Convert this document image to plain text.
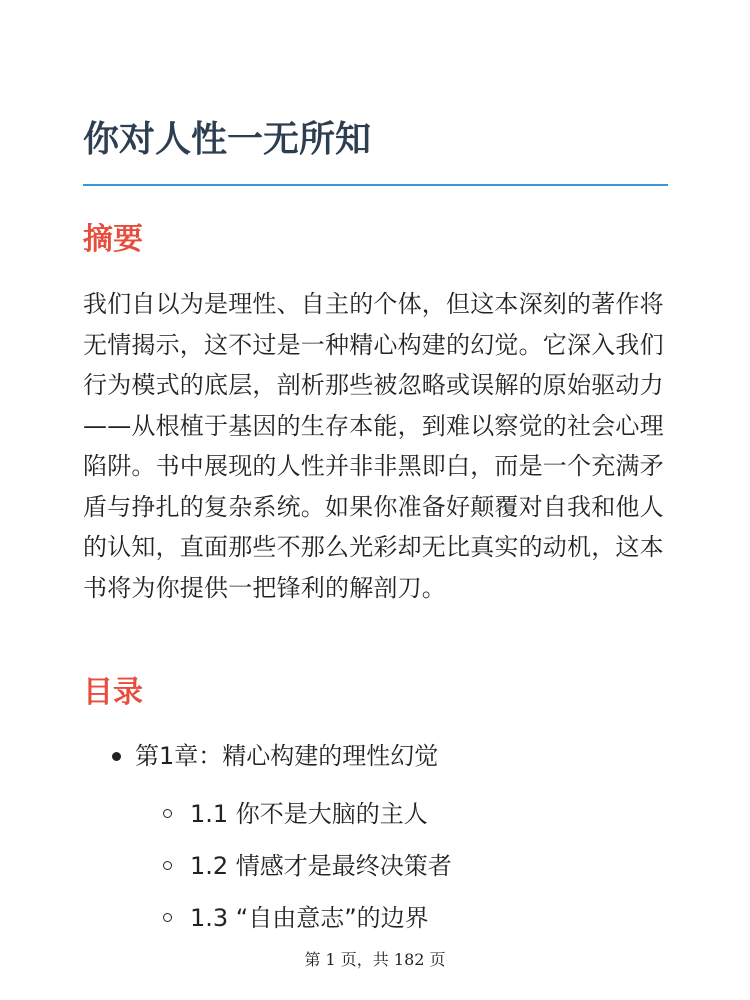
你对人性一无所知
摘要

我们自以为是理性、自主的个体，但这本深刻的著作将无情揭示，这不过是一种精心构建的幻觉。它深入我们行为模式的底层，剖析那些被忽略或误解的原始驱动力——从根植于基因的生存本能，到难以察觉的社会心理陷阱。书中展现的人性并非非黑即白，而是一个充满矛盾与挣扎的复杂系统。如果你准备好颠覆对自我和他人的认知，直面那些不那么光彩却无比真实的动机，这本书将为你提供一把锋利的解剖刀。

目录
第1章：精心构建的理性幻觉
1.1 你不是大脑的主人
1.2 情感才是最终决策者
1.3 “自由意志”的边界
第 1 页，共 182 页
